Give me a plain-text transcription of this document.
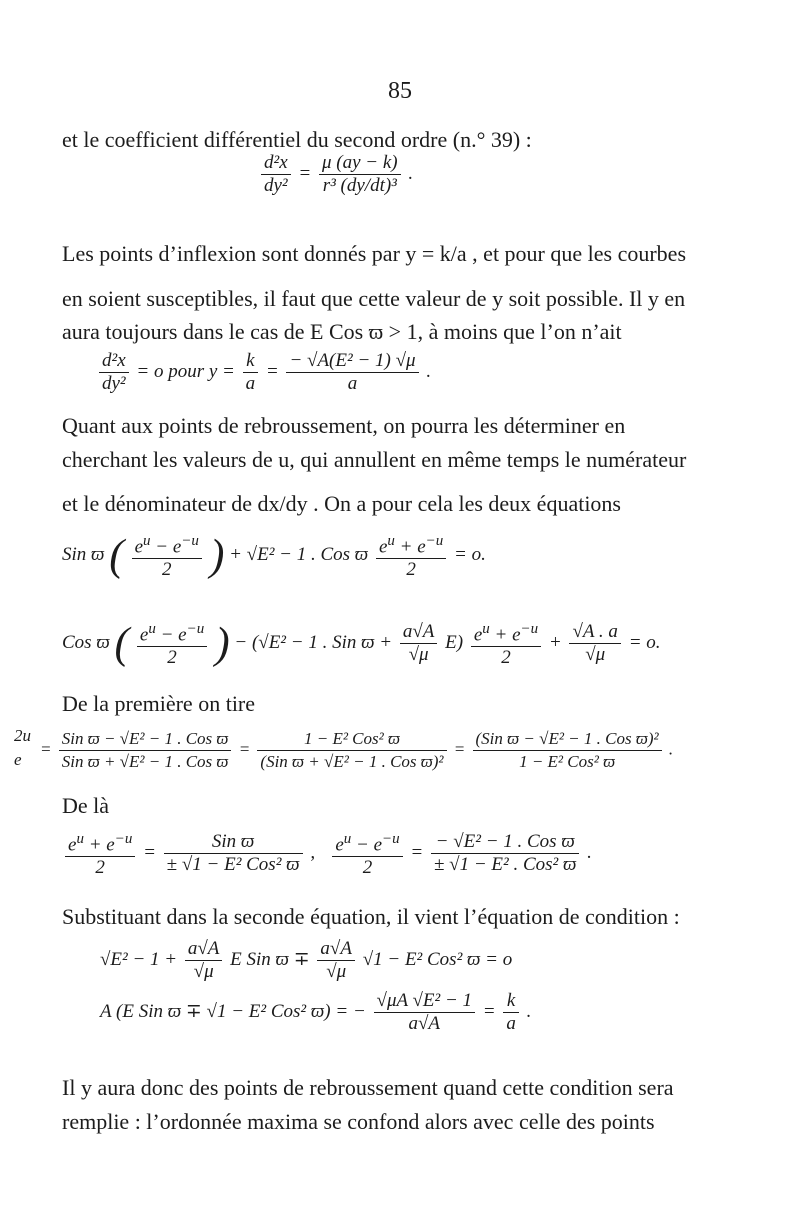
85
et le coefficient différentiel du second ordre (n.° 39) :
$\frac{\text{d²x}}{\text{dy²}} = \frac{\mu (ay - k)}{\text{r³ (dy/dt)³}}$ .
Les points d’inflexion sont donnés par y = k/a , et pour que les courbes
en soient susceptibles, il faut que cette valeur de y soit possible. Il y en
aura toujours dans le cas de E Cos ϖ > 1, à moins que l’on n’ait
$\frac{\text{d²x}}{\text{dy²}} = o$ pour $y = \frac{k}{a} = \frac{\text{− √A(E² − 1) √μ}}{a}$ .
Quant aux points de rebroussement, on pourra les déterminer en
cherchant les valeurs de u, qui annullent en même temps le numérateur
et le dénominateur de dx/dy . On a pour cela les deux équations
Sin ϖ ( $\frac{e^u - e^{-u}}{2}$ ) + √E² − 1 . Cos ϖ $\frac{e^u + e^{-u}}{2} = o$.
Cos ϖ ( $\frac{e^u - e^{-u}}{2}$ ) − (√E² − 1 . Sin $ϖ + \frac{a√A}{√\mu} E) \frac{e^u + e^{-u}}{2} + \frac{√A . a}{√\mu} = o$.
De la première on tire
2u
e
= $\frac{\text{Sin ϖ − √E² − 1 . Cos ϖ}}{\text{Sin ϖ + √E² − 1 . Cos ϖ}} = \frac{\text{1 − E² Cos² ϖ}}{\text{(Sin ϖ + √E² − 1 . Cos ϖ)²}} = \frac{\text{(Sin ϖ − √E² − 1 . Cos ϖ)²}}{\text{1 − E² Cos² ϖ}}$ .
De là
$\frac{e^u + e^{-u}}{2} = \frac{\text{Sin ϖ}}{\text{± √1 − E² Cos² ϖ}}$ , $\frac{e^u - e^{-u}}{2} = \frac{\text{− √E² − 1 . Cos ϖ}}{\text{± √1 − E² . Cos² ϖ}}$ .
Substituant dans la seconde équation, il vient l’équation de condition :
$√E^2 - 1 + \frac{a√A}{√\mu}$ E Sin $ϖ \mp \frac{a√A}{√\mu} √1 - E^2$ Cos² ϖ = o
A (E Sin ϖ ∓ √1 − E² Cos² ϖ) = − $\frac{\text{√μA √E² − 1}}{a√A} = \frac{k}{a}$ .
Il y aura donc des points de rebroussement quand cette condition sera
remplie : l’ordonnée maxima se confond alors avec celle des points
